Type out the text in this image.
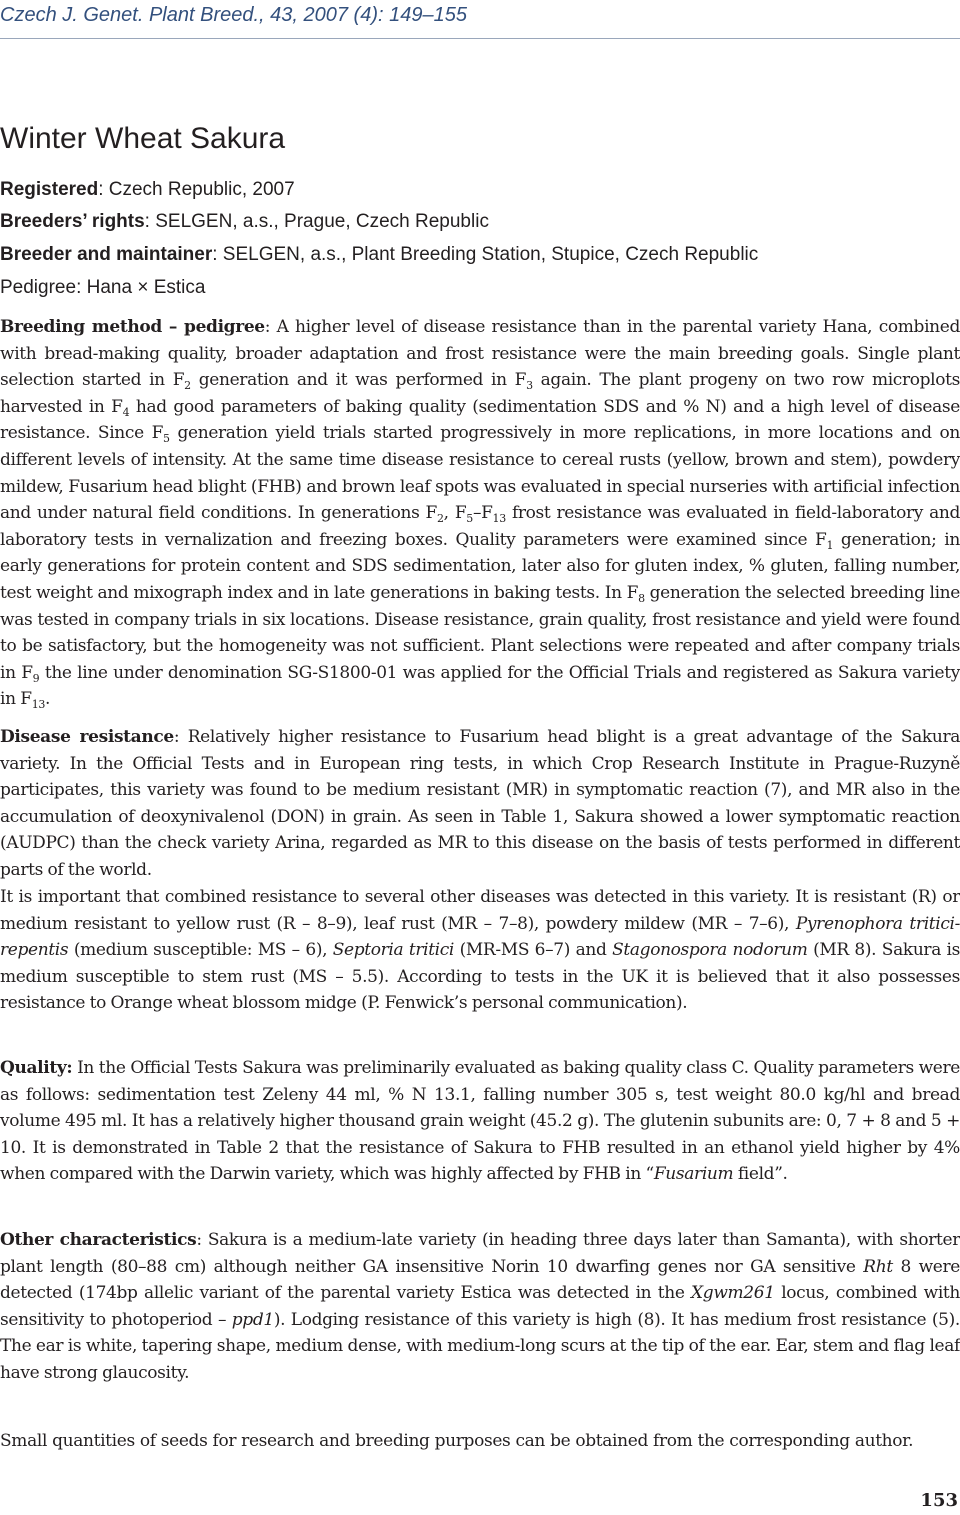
Czech J. Genet. Plant Breed., 43, 2007 (4): 149–155
Winter Wheat Sakura
Registered: Czech Republic, 2007
Breeders’ rights: SELGEN, a.s., Prague, Czech Republic
Breeder and maintainer: SELGEN, a.s., Plant Breeding Station, Stupice, Czech Republic
Pedigree: Hana × Estica

Breeding method – pedigree: A higher level of disease resistance than in the parental variety Hana, combined with bread-making quality, broader adaptation and frost resistance were the main breeding goals. Single plant selection started in $F_2$ generation and it was performed in $F_3$ again. The plant progeny on two row microplots harvested in $F_4$ had good parameters of baking quality (sedimentation SDS and % N) and a high level of disease resistance. Since $F_5$ generation yield trials started progressively in more replications, in more locations and on different levels of intensity. At the same time disease resistance to cereal rusts (yellow, brown and stem), powdery mildew, Fusarium head blight (FHB) and brown leaf spots was evaluated in special nurseries with artificial infection and under natural field conditions. In generations $F_2$, $F_5-F_{13}$ frost resistance was evaluated in field-laboratory and laboratory tests in vernalization and freezing boxes. Quality parameters were examined since $F_1$ generation; in early generations for protein content and SDS sedimentation, later also for gluten index, % gluten, falling number, test weight and mixograph index and in late generations in baking tests. In $F_8$ generation the selected breeding line was tested in company trials in six locations. Disease resistance, grain quality, frost resistance and yield were found to be satisfactory, but the homogeneity was not sufficient. Plant selections were repeated and after company trials in $F_9$ the line under denomination SG-S1800-01 was applied for the Official Trials and registered as Sakura variety in $F_{13}$.

Disease resistance: Relatively higher resistance to Fusarium head blight is a great advantage of the Sakura variety. In the Official Tests and in European ring tests, in which Crop Research Institute in Prague-Ruzyně participates, this variety was found to be medium resistant (MR) in symptomatic reaction (7), and MR also in the accumulation of deoxynivalenol (DON) in grain. As seen in Table 1, Sakura showed a lower symptomatic reaction (AUDPC) than the check variety Arina, regarded as MR to this disease on the basis of tests performed in different parts of the world.

It is important that combined resistance to several other diseases was detected in this variety. It is resistant (R) or medium resistant to yellow rust (R – 8–9), leaf rust (MR – 7–8), powdery mildew (MR – 7–6), Pyrenophora tritici-repentis (medium susceptible: MS – 6), Septoria tritici (MR-MS 6–7) and Stagonospora nodorum (MR 8). Sakura is medium susceptible to stem rust (MS – 5.5). According to tests in the UK it is believed that it also possesses resistance to Orange wheat blossom midge (P. Fenwick’s personal communication).

Quality: In the Official Tests Sakura was preliminarily evaluated as baking quality class C. Quality parameters were as follows: sedimentation test Zeleny 44 ml, % N 13.1, falling number 305 s, test weight 80.0 kg/hl and bread volume 495 ml. It has a relatively higher thousand grain weight (45.2 g). The glutenin subunits are: 0, 7 + 8 and 5 + 10. It is demonstrated in Table 2 that the resistance of Sakura to FHB resulted in an ethanol yield higher by 4% when compared with the Darwin variety, which was highly affected by FHB in “Fusarium field”.

Other characteristics: Sakura is a medium-late variety (in heading three days later than Samanta), with shorter plant length (80–88 cm) although neither GA insensitive Norin 10 dwarfing genes nor GA sensitive Rht 8 were detected (174bp allelic variant of the parental variety Estica was detected in the Xgwm261 locus, combined with sensitivity to photoperiod – ppd1). Lodging resistance of this variety is high (8). It has medium frost resistance (5). The ear is white, tapering shape, medium dense, with medium-long scurs at the tip of the ear. Ear, stem and flag leaf have strong glaucosity.

Small quantities of seeds for research and breeding purposes can be obtained from the corresponding author.

153
